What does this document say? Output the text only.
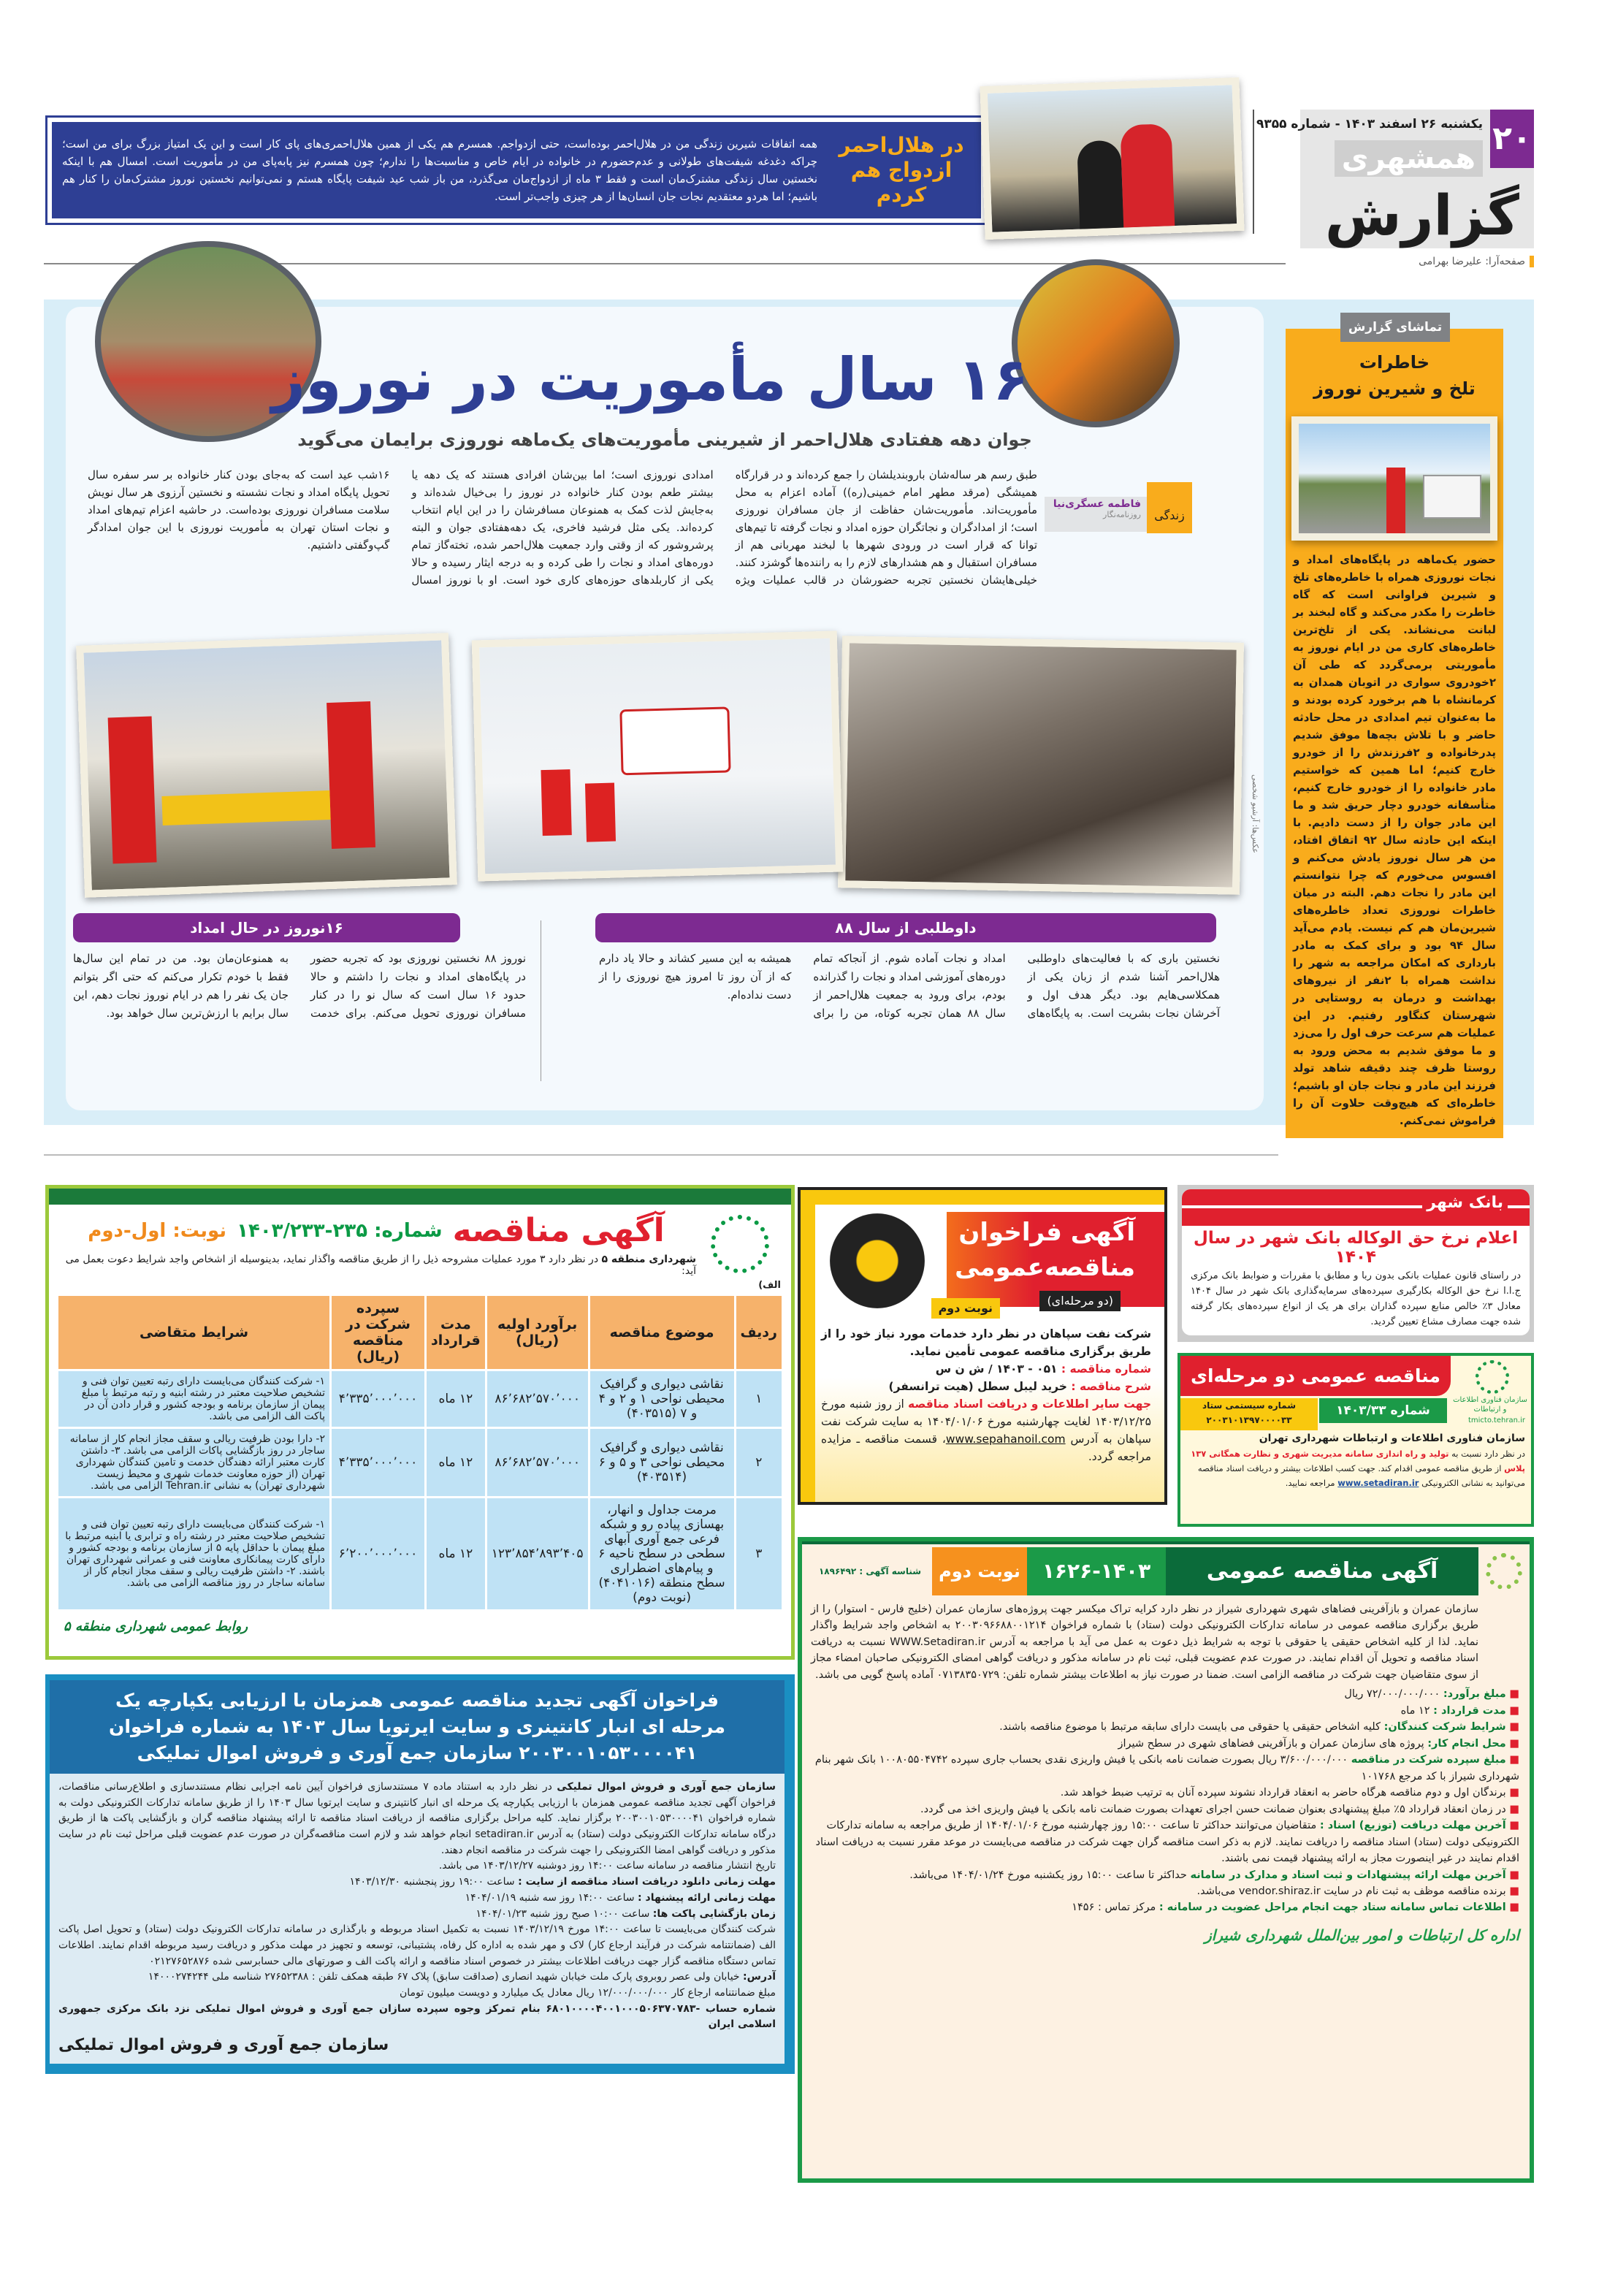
۲۰
یکشنبه ۲۶ اسفند ۱۴۰۳ - شماره ۹۳۵۵
همشهری
گزارش
صفحه‌آرا: علیرضا بهرامی
در هلال‌احمر ازدواج هم کردم
همه اتفاقات شیرین زندگی من در هلال‌احمر بوده‌است، حتی ازدواجم. همسرم هم یکی از همین هلال‌احمری‌های پای کار است و این یک امتیاز بزرگ برای من است؛ چراکه دغدغه شیفت‌های طولانی و عدم‌حضورم در خانواده در ایام خاص و مناسبت‌ها را ندارم؛ چون همسرم نیز پابه‌پای من در مأموریت است. امسال هم با اینکه نخستین سال زندگی مشترک‌مان است و فقط ۳ ماه از ازدواج‌مان می‌گذرد، من باز شب عید شیفت پایگاه هستم و نمی‌توانیم نخستین نوروز مشترک‌مان را کنار هم باشیم؛ اما هردو معتقدیم نجات جان انسان‌ها از هر چیزی واجب‌تر است.
تماشای گزارش
خاطرات
تلخ و شیرین نوروز
حضور یک‌ماهه در پایگاه‌های امداد و نجات نوروزی همراه با خاطره‌های تلخ و شیرین فراوانی است که گاه خاطرت را مکدر می‌کند و گاه لبخند بر لبانت می‌نشاند. یکی از تلخ‌ترین خاطره‌های کاری من در ایام نوروز به مأموریتی برمی‌گردد که طی آن ۲خودروی سواری در اتوبان همدان به کرمانشاه با هم برخورد کرده بودند و ما به‌عنوان تیم امدادی در محل حادثه حاضر و با تلاش بچه‌ها موفق شدیم پدرخانواده و ۲فرزندش را از خودرو خارج کنیم؛ اما همین که خواستیم مادر خانواده را از خودرو خارج کنیم، متأسفانه خودرو دچار حریق شد و ما این مادر جوان را از دست دادیم. با اینکه این حادثه سال ۹۲ اتفاق افتاد، من هر سال نوروز یادش می‌کنم و افسوس می‌خورم که چرا نتوانستم این مادر را نجات دهم. البته در میان خاطرات نوروزی تعداد خاطره‌های شیرین‌مان هم کم نیست. یادم می‌آید سال ۹۴ بود و برای کمک به مادر بارداری که امکان مراجعه به شهر را نداشت همراه با ۲نفر از نیروهای بهداشت و درمان به روستایی در شهرستان کنگاور رفتیم. در این عملیات هم سرعت حرف اول را می‌زد و ما موفق شدیم به محض ورود به روستا ظرف چند دقیقه شاهد تولد فرزند این مادر و نجات جان او باشیم؛ خاطره‌ای که هیچ‌وقت حلاوت آن را فراموش نمی‌کنم.
۱۶ سال مأموریت در نوروز
جوان دهه هفتادی هلال‌احمر از شیرینی مأموریت‌های یک‌ماهه نوروزی برایمان می‌گوید
زندگی
فاطمه عسگری‌نیا
روزنامه‌نگار
طبق رسم هر ساله‌شان باروبندیلشان را جمع کرده‌اند و در قرارگاه همیشگی (مرقد مطهر امام خمینی(ره)) آماده اعزام به محل مأموریت‌اند. مأموریت‌شان حفاظت از جان مسافران نوروزی است؛ از امدادگران و نجاتگران حوزه امداد و نجات گرفته تا تیم‌های توانا که قرار است در ورودی شهرها با لبخند مهربانی هم از مسافران استقبال و هم هشدارهای لازم را به راننده‌ها گوشزد کنند. خیلی‌هایشان نخستین تجربه حضورشان در قالب عملیات ویژه امدادی نوروزی است؛ اما بین‌شان افرادی هستند که یک دهه یا بیشتر طعم بودن کنار خانواده در نوروز را بی‌خیال شده‌اند و به‌جایش لذت کمک به همنوعان مسافرشان را در این ایام انتخاب کرده‌اند. یکی مثل فرشید فاخری، یک دهه‌هفتادی جوان و البته پرشروشور که از وقتی وارد جمعیت هلال‌احمر شده، تخته‌گاز تمام دوره‌های امداد و نجات را طی کرده و به درجه ایثار رسیده و حالا یکی از کاربلدهای حوزه‌های کاری خود است. او با نوروز امسال ۱۶شب عید است که به‌جای بودن کنار خانواده بر سر سفره سال تحویل پایگاه امداد و نجات نشسته و نخستین آرزوی هر سال نویش سلامت مسافران نوروزی بوده‌است. در حاشیه اعزام تیم‌های امداد و نجات استان تهران به مأموریت نوروزی با این جوان امدادگر گپ‌وگفتی داشتیم.
عکس‌ها: آرشیو شخصی
داوطلبی از سال ۸۸
۱۶نوروز در حال امداد
نخستین باری که با فعالیت‌های داوطلبی هلال‌احمر آشنا شدم از زبان یکی از همکلاسی‌هایم بود. دیگر هدف اول و آخرشان نجات بشریت است. به پایگاه‌های امداد و نجات آماده شوم. از آنجاکه تمام دوره‌های آموزشی امداد و نجات را گذرانده بودم، برای ورود به جمعیت هلال‌احمر از سال ۸۸ همان تجربه کوتاه، من را برای همیشه به این مسیر کشاند و حالا یاد دارم که از آن روز تا امروز هیچ نوروزی را از دست نداده‌ام.
نوروز ۸۸ نخستین نوروزی بود که تجربه حضور در پایگاه‌های امداد و نجات را داشتم و حالا حدود ۱۶ سال است که سال نو را در کنار مسافران نوروزی تحویل می‌کنم. برای خدمت به همنوعان‌مان بود. من در تمام این سال‌ها فقط با خودم تکرار می‌کنم که حتی اگر بتوانم جان یک نفر را هم در ایام نوروز نجات دهم، این سال برایم با ارزش‌ترین سال خواهد بود.
آگهی مناقصه
شماره: ۲۳۵-۱۴۰۳/۲۳۳
نوبت: اول-دوم
شهرداری منطقه ۵ در نظر دارد ۳ مورد عملیات مشروحه ذیل را از طریق مناقصه واگذار نماید، بدینوسیله از اشخاص واجد شرایط دعوت بعمل می آید:
الف)
ردیف	موضوع مناقصه	برآورد اولیه (ریال)	مدت قرارداد	سپرده شرکت در مناقصه (ریال)	شرایط متقاضی
۱	نقاشی دیواری و گرافیک محیطی نواحی ۱ و ۲ و ۴ و ۷ (۴۰۳۵۱۵)	۸۶٬۶۸۲٬۵۷۰٬۰۰۰	۱۲ ماه	۴٬۳۳۵٬۰۰۰٬۰۰۰	۱- شرکت کنندگان می‌بایست دارای رتبه تعیین توان فنی و تشخیص صلاحیت معتبر در رشته ابنیه و رتبه مرتبط با مبلغ پیمان از سازمان برنامه و بودجه کشور و قرار دادن آن در پاکت الف الزامی می باشد.
۲	نقاشی دیواری و گرافیک محیطی نواحی ۳ و ۵ و ۶ (۴۰۳۵۱۴)	۸۶٬۶۸۲٬۵۷۰٬۰۰۰	۱۲ ماه	۴٬۳۳۵٬۰۰۰٬۰۰۰	۲- دارا بودن ظرفیت ریالی و سقف مجاز انجام کار از سامانه ساجار در روز بازگشایی پاکات الزامی می باشد. ۳- داشتن کارت معتبر ارائه دهندگان خدمت و تامین کنندگان شهرداری تهران (از حوزه معاونت خدمات شهری و محیط زیست شهرداری تهران) به نشانی Tehran.ir الزامی می باشد.
۳	مرمت جداول و انهار، بهسازی پیاده رو و شبکه فرعی جمع آوری آبهای سطحی در سطح ناحیه ۶ و پیام‌های اضطراری سطح منطقه (۴۰۴۱۰۱۶) (نوبت دوم)	۱۲۳٬۸۵۴٬۸۹۳٬۴۰۵	۱۲ ماه	۶٬۲۰۰٬۰۰۰٬۰۰۰	۱- شرکت کنندگان می‌بایست دارای رتبه تعیین توان فنی و تشخیص صلاحیت معتبر در رشته راه و ترابری یا ابنیه مرتبط با مبلغ پیمان با حداقل پایه ۵ از سازمان برنامه و بودجه کشور و دارای کارت پیمانکاری معاونت فنی و عمرانی شهرداری تهران باشند. ۲- داشتن ظرفیت ریالی و سقف مجاز انجام کار از سامانه ساجار در روز مناقصه الزامی می باشد.
روابط عمومی شهرداری منطقه ۵
فراخوان آگهی تجدید مناقصه عمومی همزمان با ارزیابی یکپارچه یک مرحله ای انبار کانتینری و سایت ایرتویا سال ۱۴۰۳ به شماره فراخوان ۲۰۰۳۰۰۱۰۵۳۰۰۰۰۴۱ سازمان جمع آوری و فروش اموال تملیکی

سازمان جمع آوری و فروش اموال تملیکی در نظر دارد به استناد ماده ۷ مستندسازی فراخوان آیین نامه اجرایی نظام مستندسازی و اطلاع‌رسانی مناقصات، فراخوان آگهی تجدید مناقصه عمومی همزمان با ارزیابی یکپارچه یک مرحله ای انبار کانتینری و سایت ایرتویا سال ۱۴۰۳ را از طریق سامانه تدارکات الکترونیکی دولت به شماره فراخوان ۲۰۰۳۰۰۱۰۵۳۰۰۰۰۴۱ برگزار نماید. کلیه مراحل برگزاری مناقصه از دریافت اسناد مناقصه تا ارائه پیشنهاد مناقصه گران و بازگشایی پاکت ها از طریق درگاه سامانه تدارکات الکترونیکی دولت (ستاد) به آدرس setadiran.ir انجام خواهد شد و لازم است مناقصه‌گران در صورت عدم عضویت قبلی مراحل ثبت نام در سایت مذکور و دریافت گواهی امضا الکترونیکی را جهت شرکت در مناقصه انجام دهند.

تاریخ انتشار مناقصه در سامانه ساعت ۱۴:۰۰ روز دوشنبه ۱۴۰۳/۱۲/۲۷ می باشد.

مهلت زمانی دانلود دریافت اسناد مناقصه از سایت : ساعت ۱۹:۰۰ روز پنجشنبه ۱۴۰۳/۱۲/۳۰

مهلت زمانی ارائه پیشنهاد : ساعت ۱۴:۰۰ روز سه شنبه ۱۴۰۴/۰۱/۱۹

زمان بازگشایی پاکت ها: ساعت ۱۰:۰۰ صبح روز شنبه ۱۴۰۴/۰۱/۲۳

شرکت کنندگان می‌بایست تا ساعت ۱۴:۰۰ مورخ ۱۴۰۳/۱۲/۱۹ نسبت به تکمیل اسناد مربوطه و بارگذاری در سامانه تدارکات الکترونیک دولت (ستاد) و تحویل اصل پاکت الف (ضمانتنامه شرکت در فرآیند ارجاع کار) لاک و مهر شده به اداره کل رفاه، پشتیبانی، توسعه و تجهیز در مهلت مذکور و دریافت رسید مربوطه اقدام نمایند. اطلاعات تماس دستگاه مناقصه گزار جهت دریافت اطلاعات بیشتر در خصوص اسناد مناقصه و ارائه پاکت الف و صورتهای مالی حسابرسی شده ۰۲۱۲۷۶۵۲۸۷۶

آدرس: خیابان ولی عصر روبروی پارک ملت خیابان شهید انصاری (صداقت سابق) پلاک ۶۷ طبقه همکف تلفن : ۲۷۶۵۲۳۸۸ شناسه ملی ۱۴۰۰۰۲۷۴۲۴۴

مبلغ ضمانتنامه ارجاع کار ۱۲/۰۰۰/۰۰۰/۰۰۰ ریال معادل یک میلیارد و دویست میلیون تومان

شماره حساب -۶۸۰۱۰۰۰۰۴۰۰۱۰۰۰۵۰۶۳۷۰۷۸۳ بنام تمرکز وجوه سپرده سازان جمع آوری و فروش اموال تملیکی نزد بانک مرکزی جمهوری اسلامی ایران

سازمان جمع آوری و فروش اموال تملیکی

آگهی فراخوان
مناقصه‌عمومی
(دو مرحله‌ای)
نوبت دوم

شرکت نفت سپاهان در نظر دارد خدمات مورد نیاز خود را از طریق برگزاری مناقصه عمومی تأمین نماید.

شماره مناقصه : ۰۵۱ - ۱۴۰۳ / ش ن س

شرح مناقصه : خرید لیبل سطل (هیت ترانسفر)

جهت سایر اطلاعات و دریافت اسناد مناقصه از روز شنبه مورخ ۱۴۰۳/۱۲/۲۵ لغایت چهارشنبه مورخ ۱۴۰۴/۰۱/۰۶ به سایت شرکت نفت سپاهان به آدرس www.sepahanoil.com، قسمت مناقصه ـ مزایده مراجعه گردد.

بانک شهر
اعلام نرخ حق الوکاله بانک شهر در سال ۱۴۰۴
در راستای قانون عملیات بانکی بدون ربا و مطابق با مقررات و ضوابط بانک مرکزی ج.ا.ا نرخ حق الوکاله بکارگیری سپرده‌های سرمایه‌گذاری بانک شهر در سال ۱۴۰۴ معادل ۳٪ خالص منابع سپرده گذاران برای هر یک از انواع سپرده‌های بکار گرفته شده جهت مصارف مشاع تعیین گردید.
مناقصه عمومی دو مرحله‌ای
شماره ۱۴۰۳/۳۳
شماره سیستمی ستاد
۲۰۰۳۱۰۱۳۹۷۰۰۰۰۳۳
سازمان فناوری اطلاعات و ارتباطات
tmicto.tehran.ir
سازمان فناوری اطلاعات و ارتباطات شهرداری تهران
در نظر دارد نسبت به تولید و راه اندازی سامانه مدیریت شهری و نظارت همگانی ۱۳۷ پلاس از طریق مناقصه عمومی اقدام کند. جهت کسب اطلاعات بیشتر و دریافت اسناد مناقصه می‌توانید به نشانی الکترونیکی www.setadiran.ir مراجعه نمایید.
شناسه آگهی : ۱۸۹۶۴۹۲	نوبت دوم	۱۶۲۶-۱۴۰۳	آگهی مناقصه عمومی

سازمان عمران و بازآفرینی فضاهای شهری شهرداری شیراز در نظر دارد کرایه تراک میکسر جهت پروژه‌های سازمان عمران (خلیج فارس - استوار) را از طریق برگزاری مناقصه عمومی در سامانه تدارکات الکترونیکی دولت (ستاد) با شماره فراخوان ۲۰۰۳۰۹۶۶۸۸۰۰۱۲۱۴ به اشخاص واجد شرایط واگذار نماید. لذا از کلیه اشخاص حقیقی یا حقوقی با توجه به شرایط ذیل دعوت به عمل می آید با مراجعه به آدرس WWW.Setadiran.ir نسبت به دریافت اسناد مناقصه و تحویل آن اقدام نمایند. در صورت عدم عضویت قبلی، ثبت نام در سامانه مذکور و دریافت گواهی امضای الکترونیکی صاحبان امضاء مجاز از سوی متقاضیان جهت شرکت در مناقصه الزامی است. ضمنا در صورت نیاز به اطلاعات بیشتر شماره تلفن: ۰۷۱۳۸۳۵۰۷۲۹ آماده پاسخ گویی می باشد.

■ مبلغ برآورد: ۷۲/۰۰۰/۰۰۰/۰۰۰ ریال

■ مدت قرارداد : ۱۲ ماه

■ شرایط شرکت کنندگان: کلیه اشخاص حقیقی یا حقوقی می بایست دارای سابقه مرتبط با موضوع مناقصه باشند.

■ محل انجام کار: پروژه های سازمان عمران و بازآفرینی فضاهای شهری در سطح شیراز

■ مبلغ سپرده شرکت در مناقصه ۳/۶۰۰/۰۰۰/۰۰۰ ریال بصورت ضمانت نامه بانکی یا فیش واریزی نقدی بحساب جاری سپرده ۱۰۰۸۰۵۵۰۴۷۴۲ بانک شهر بنام شهرداری شیراز با کد مرجع ۱۰۱۷۶۸

■ برندگان اول و دوم مناقصه هرگاه حاضر به انعقاد قرارداد نشوند سپرده آنان به ترتیب ضبط خواهد شد.

■ در زمان انعقاد قرارداد ۵٪ مبلغ پیشنهادی بعنوان ضمانت حسن اجرای تعهدات بصورت ضمانت نامه بانکی یا فیش واریزی اخذ می گردد.

■ آخرین مهلت دریافت (توزیع) اسناد : متقاضیان می‌توانند حداکثر تا ساعت ۱۵:۰۰ روز چهارشنبه مورخ ۱۴۰۴/۰۱/۰۶ از طریق مراجعه به سامانه تدارکات الکترونیکی دولت (ستاد) اسناد مناقصه را دریافت نمایند. لازم به ذکر است مناقصه گران جهت شرکت در مناقصه می‌بایست در موعد مقرر نسبت به دریافت اسناد اقدام نمایند در غیر اینصورت مجاز به ارائه پیشنهاد قیمت نمی باشند.

■ آخرین مهلت ارائه پیشنهادات و ثبت اسناد و مدارک در سامانه حداکثر تا ساعت ۱۵:۰۰ روز یکشنبه مورخ ۱۴۰۴/۰۱/۲۴ می‌باشد.

■ برنده مناقصه موظف به ثبت نام در سایت vendor.shiraz.ir می‌باشد.

■ اطلاعات تماس سامانه ستاد جهت انجام مراحل عضویت در سامانه : مرکز تماس : ۱۴۵۶

اداره کل ارتباطات و امور بین‌الملل شهرداری شیراز
